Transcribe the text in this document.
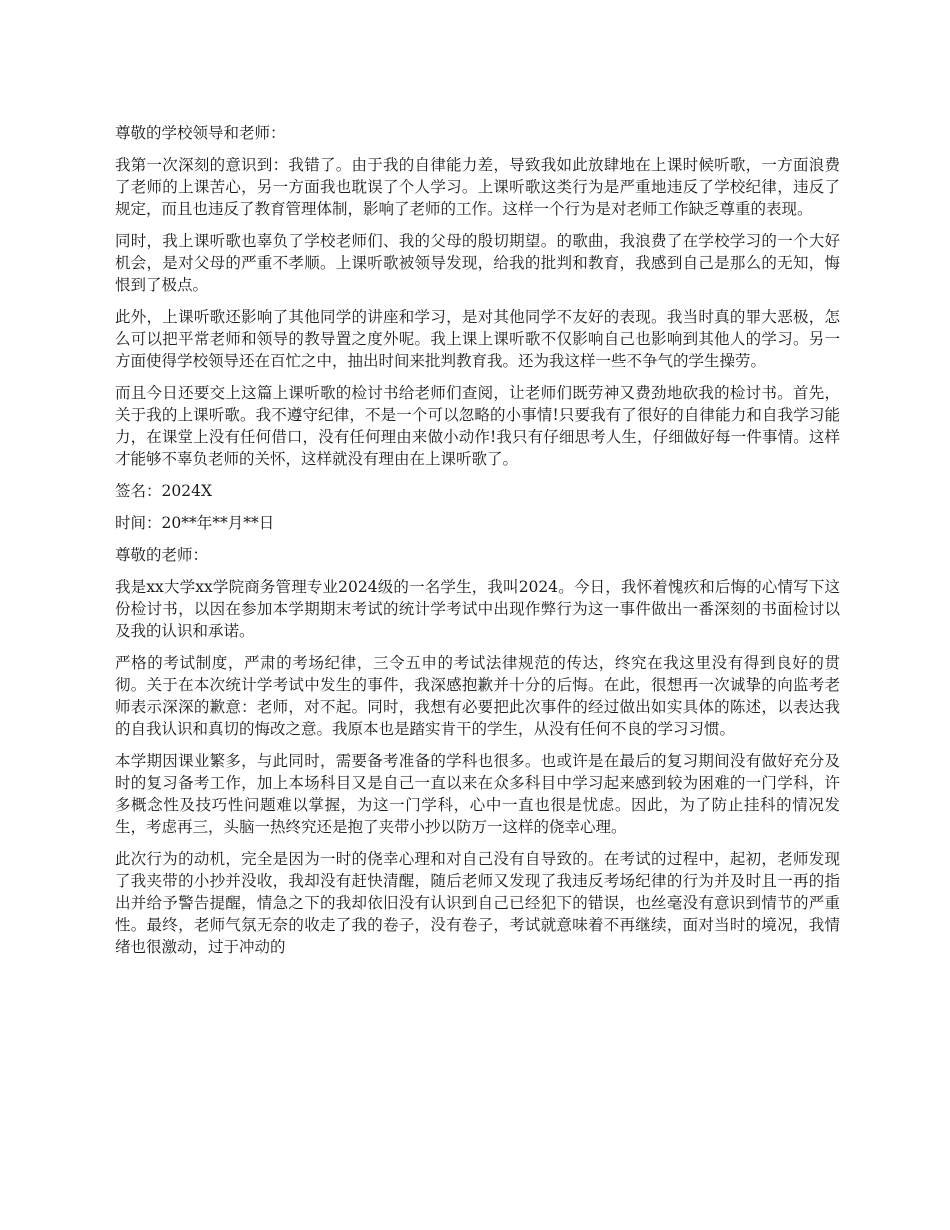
尊敬的学校领导和老师：

我第一次深刻的意识到：我错了。由于我的自律能力差，导致我如此放肆地在上课时候听歌，一方面浪费了老师的上课苦心，另一方面我也耽误了个人学习。上课听歌这类行为是严重地违反了学校纪律，违反了规定，而且也违反了教育管理体制，影响了老师的工作。这样一个行为是对老师工作缺乏尊重的表现。

同时，我上课听歌也辜负了学校老师们、我的父母的殷切期望。的歌曲，我浪费了在学校学习的一个大好机会，是对父母的严重不孝顺。上课听歌被领导发现，给我的批判和教育，我感到自己是那么的无知，悔恨到了极点。

此外，上课听歌还影响了其他同学的讲座和学习，是对其他同学不友好的表现。我当时真的罪大恶极，怎么可以把平常老师和领导的教导置之度外呢。我上课上课听歌不仅影响自己也影响到其他人的学习。另一方面使得学校领导还在百忙之中，抽出时间来批判教育我。还为我这样一些不争气的学生操劳。

而且今日还要交上这篇上课听歌的检讨书给老师们查阅，让老师们既劳神又费劲地砍我的检讨书。首先，关于我的上课听歌。我不遵守纪律，不是一个可以忽略的小事情!只要我有了很好的自律能力和自我学习能力，在课堂上没有任何借口，没有任何理由来做小动作!我只有仔细思考人生，仔细做好每一件事情。这样才能够不辜负老师的关怀，这样就没有理由在上课听歌了。

签名：2024X

时间：20**年**月**日

尊敬的老师：

我是xx大学xx学院商务管理专业2024级的一名学生，我叫2024。今日，我怀着愧疚和后悔的心情写下这份检讨书，以因在参加本学期期末考试的统计学考试中出现作弊行为这一事件做出一番深刻的书面检讨以及我的认识和承诺。

严格的考试制度，严肃的考场纪律，三令五申的考试法律规范的传达，终究在我这里没有得到良好的贯彻。关于在本次统计学考试中发生的事件，我深感抱歉并十分的后悔。在此，很想再一次诚挚的向监考老师表示深深的歉意：老师，对不起。同时，我想有必要把此次事件的经过做出如实具体的陈述，以表达我的自我认识和真切的悔改之意。我原本也是踏实肯干的学生，从没有任何不良的学习习惯。

本学期因课业繁多，与此同时，需要备考准备的学科也很多。也或许是在最后的复习期间没有做好充分及时的复习备考工作，加上本场科目又是自己一直以来在众多科目中学习起来感到较为困难的一门学科，许多概念性及技巧性问题难以掌握，为这一门学科，心中一直也很是忧虑。因此，为了防止挂科的情况发生，考虑再三，头脑一热终究还是抱了夹带小抄以防万一这样的侥幸心理。

此次行为的动机，完全是因为一时的侥幸心理和对自己没有自导致的。在考试的过程中，起初，老师发现了我夹带的小抄并没收，我却没有赶快清醒，随后老师又发现了我违反考场纪律的行为并及时且一再的指出并给予警告提醒，情急之下的我却依旧没有认识到自己已经犯下的错误，也丝毫没有意识到情节的严重性。最终，老师气氛无奈的收走了我的卷子，没有卷子，考试就意味着不再继续，面对当时的境况，我情绪也很激动，过于冲动的
